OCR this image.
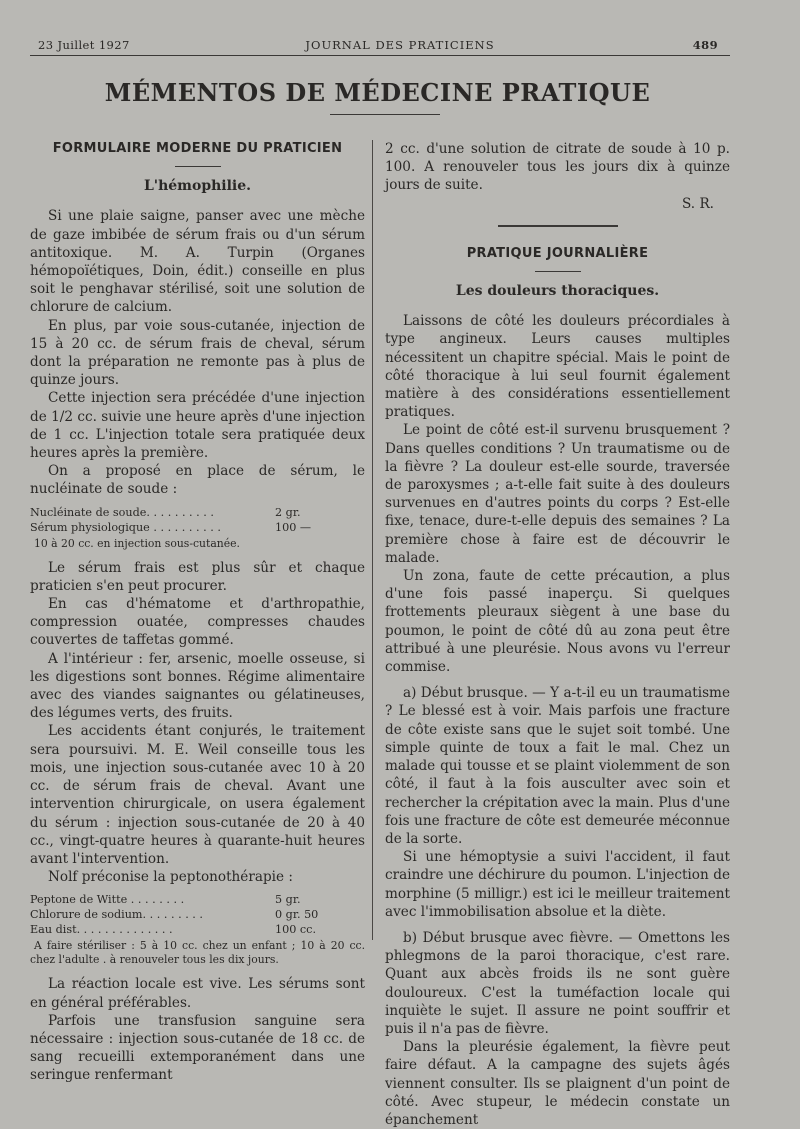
23 Juillet 1927	JOURNAL DES PRATICIENS	489
MÉMENTOS DE MÉDECINE PRATIQUE
FORMULAIRE MODERNE DU PRATICIEN
L'hémophilie.

Si une plaie saigne, panser avec une mèche de gaze imbibée de sérum frais ou d'un sérum antitoxique. M. A. Turpin (Organes hémopoïétiques, Doin, édit.) conseille en plus soit le penghavar stérilisé, soit une solution de chlorure de calcium.

En plus, par voie sous-cutanée, injection de 15 à 20 cc. de sérum frais de cheval, sérum dont la préparation ne remonte pas à plus de quinze jours.

Cette injection sera précédée d'une injection de 1/2 cc. suivie une heure après d'une injection de 1 cc. L'injection totale sera pratiquée deux heures après la première.

On a proposé en place de sérum, le nucléinate de soude :

Nucléinate de soude. . . . . . . . . .	2 gr.
Sérum physiologique . . . . . . . . . .	100 —
10 à 20 cc. en injection sous-cutanée.

Le sérum frais est plus sûr et chaque praticien s'en peut procurer.

En cas d'hématome et d'arthropathie, compression ouatée, compresses chaudes couvertes de taffetas gommé.

A l'intérieur : fer, arsenic, moelle osseuse, si les digestions sont bonnes. Régime alimentaire avec des viandes saignantes ou gélatineuses, des légumes verts, des fruits.

Les accidents étant conjurés, le traitement sera poursuivi. M. E. Weil conseille tous les mois, une injection sous-cutanée avec 10 à 20 cc. de sérum frais de cheval. Avant une intervention chirurgicale, on usera également du sérum : injection sous-cutanée de 20 à 40 cc., vingt-quatre heures à quarante-huit heures avant l'intervention.

Nolf préconise la peptonothérapie :

Peptone de Witte . . . . . . . .	5 gr.
Chlorure de sodium. . . . . . . . .	0 gr. 50
Eau dist. . . . . . . . . . . . . .	100 cc.
A faire stériliser : 5 à 10 cc. chez un enfant ; 10 à 20 cc. chez l'adulte . à renouveler tous les dix jours.

La réaction locale est vive. Les sérums sont en général préférables.

Parfois une transfusion sanguine sera nécessaire : injection sous-cutanée de 18 cc. de sang recueilli extemporanément dans une seringue renfermant

2 cc. d'une solution de citrate de soude à 10 p. 100. A renouveler tous les jours dix à quinze jours de suite.

S. R.
PRATIQUE JOURNALIÈRE
Les douleurs thoraciques.

Laissons de côté les douleurs précordiales à type angineux. Leurs causes multiples nécessitent un chapitre spécial. Mais le point de côté thoracique à lui seul fournit également matière à des considérations essentiellement pratiques.

Le point de côté est-il survenu brusquement ? Dans quelles conditions ? Un traumatisme ou de la fièvre ? La douleur est-elle sourde, traversée de paroxysmes ; a-t-elle fait suite à des douleurs survenues en d'autres points du corps ? Est-elle fixe, tenace, dure-t-elle depuis des semaines ? La première chose à faire est de découvrir le malade.

Un zona, faute de cette précaution, a plus d'une fois passé inaperçu. Si quelques frottements pleuraux siègent à une base du poumon, le point de côté dû au zona peut être attribué à une pleurésie. Nous avons vu l'erreur commise.

a) Début brusque. — Y a-t-il eu un traumatisme ? Le blessé est à voir. Mais parfois une fracture de côte existe sans que le sujet soit tombé. Une simple quinte de toux a fait le mal. Chez un malade qui tousse et se plaint violemment de son côté, il faut à la fois ausculter avec soin et rechercher la crépitation avec la main. Plus d'une fois une fracture de côte est demeurée méconnue de la sorte.

Si une hémoptysie a suivi l'accident, il faut craindre une déchirure du poumon. L'injection de morphine (5 milligr.) est ici le meilleur traitement avec l'immobilisation absolue et la diète.

b) Début brusque avec fièvre. — Omettons les phlegmons de la paroi thoracique, c'est rare. Quant aux abcès froids ils ne sont guère douloureux. C'est la tuméfaction locale qui inquiète le sujet. Il assure ne point souffrir et puis il n'a pas de fièvre.

Dans la pleurésie également, la fièvre peut faire défaut. A la campagne des sujets âgés viennent consulter. Ils se plaignent d'un point de côté. Avec stupeur, le médecin constate un épanchement
